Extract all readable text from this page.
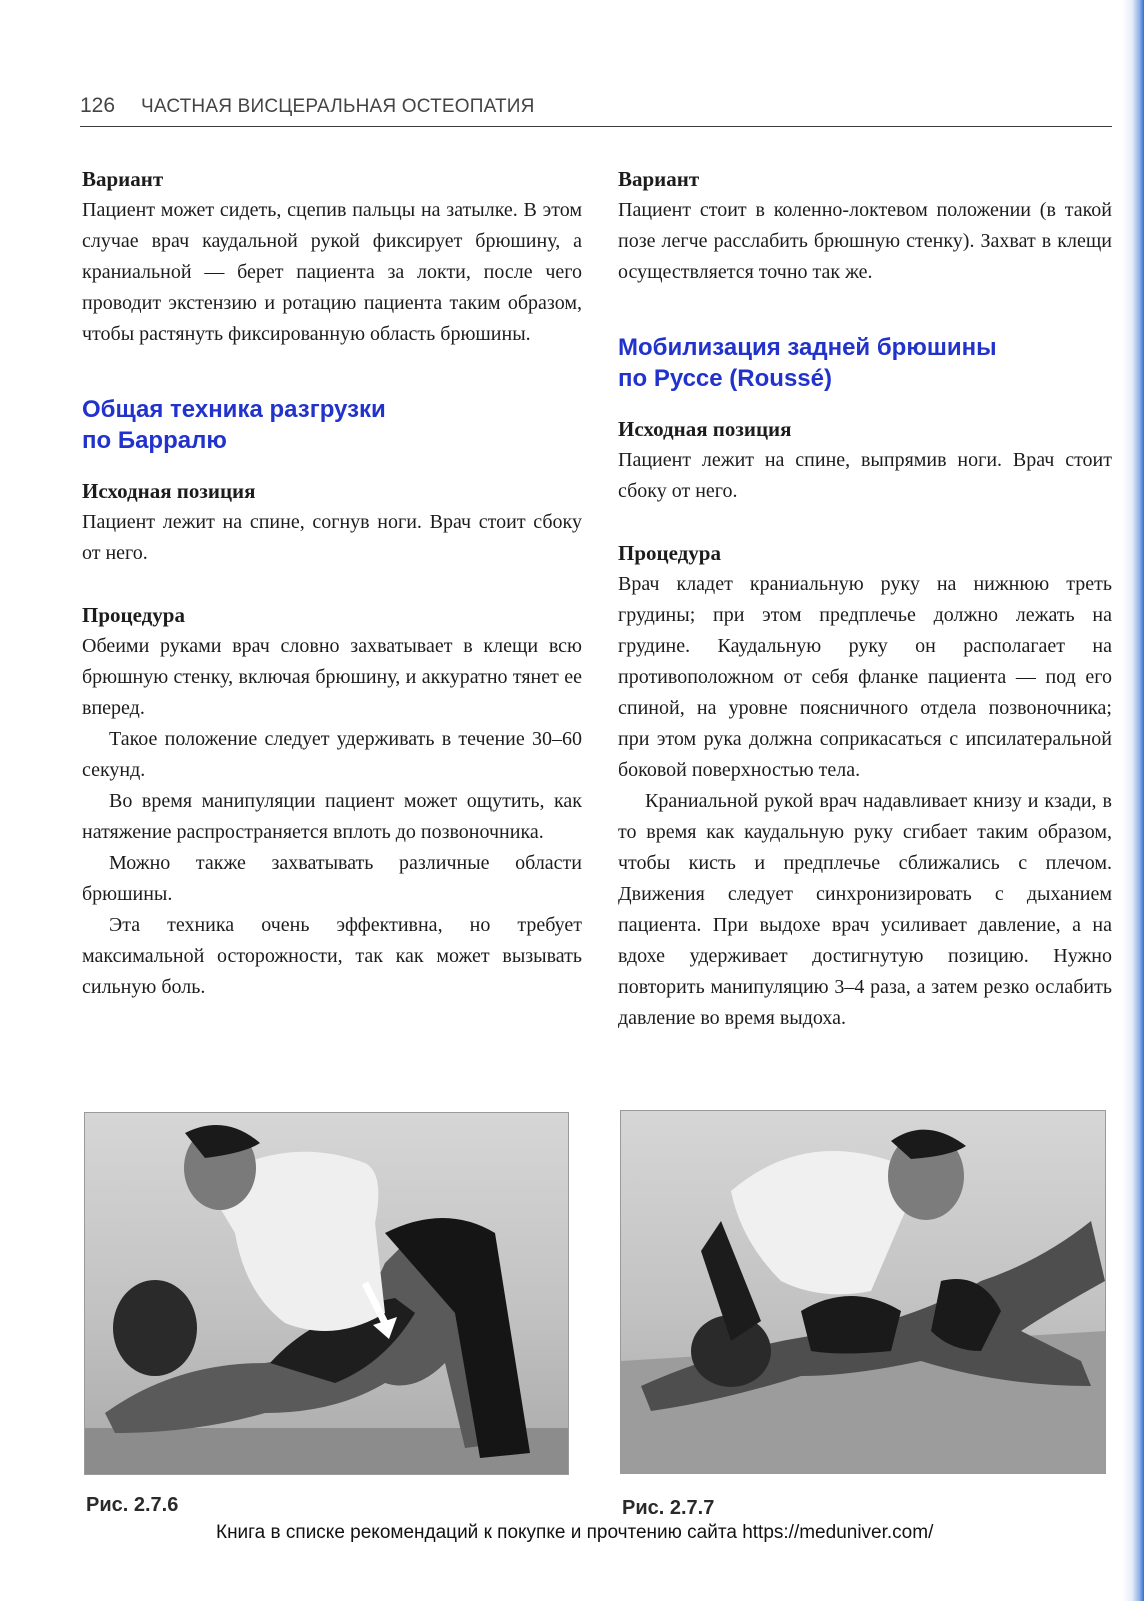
126 ЧАСТНАЯ ВИСЦЕРАЛЬНАЯ ОСТЕОПАТИЯ

Вариант

Пациент может сидеть, сцепив пальцы на затылке. В этом случае врач каудальной рукой фиксирует брюшину, а краниальной — берет пациента за локти, после чего проводит экстензию и ротацию пациента таким образом, чтобы растянуть фиксированную область брюшины.

Общая техника разгрузки
по Барралю

Исходная позиция

Пациент лежит на спине, согнув ноги. Врач стоит сбоку от него.

Процедура

Обеими руками врач словно захватывает в клещи всю брюшную стенку, включая брюшину, и аккуратно тянет ее вперед.

Такое положение следует удерживать в течение 30–60 секунд.

Во время манипуляции пациент может ощутить, как натяжение распространяется вплоть до позвоночника.

Можно также захватывать различные области брюшины.

Эта техника очень эффективна, но требует максимальной осторожности, так как может вызывать сильную боль.

Вариант

Пациент стоит в коленно-локтевом положении (в такой позе легче расслабить брюшную стенку). Захват в клещи осуществляется точно так же.

Мобилизация задней брюшины
по Руссе (Roussé)

Исходная позиция

Пациент лежит на спине, выпрямив ноги. Врач стоит сбоку от него.

Процедура

Врач кладет краниальную руку на нижнюю треть грудины; при этом предплечье должно лежать на грудине. Каудальную руку он располагает на противоположном от себя фланке пациента — под его спиной, на уровне поясничного отдела позвоночника; при этом рука должна соприкасаться с ипсилатеральной боковой поверхностью тела.

Краниальной рукой врач надавливает книзу и кзади, в то время как каудальную руку сгибает таким образом, чтобы кисть и предплечье сближались с плечом. Движения следует синхронизировать с дыханием пациента. При выдохе врач усиливает давление, а на вдохе удерживает достигнутую позицию. Нужно повторить манипуляцию 3–4 раза, а затем резко ослабить давление во время выдоха.

Рис. 2.7.6	Рис. 2.7.7
Книга в списке рекомендаций к покупке и прочтению сайта https://meduniver.com/
